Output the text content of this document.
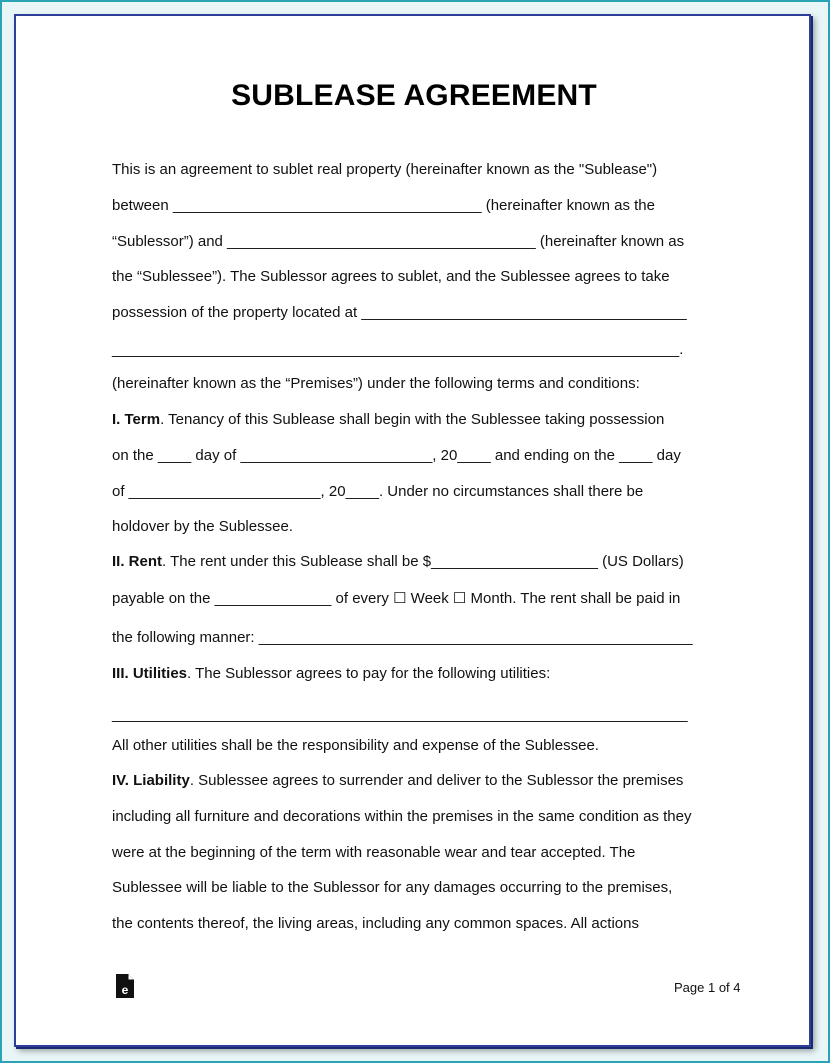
SUBLEASE AGREEMENT
This is an agreement to sublet real property (hereinafter known as the "Sublease")
between _____________________________________ (hereinafter known as the
“Sublessor”) and _____________________________________ (hereinafter known as
the “Sublessee”). The Sublessor agrees to sublet, and the Sublessee agrees to take
possession of the property located at _______________________________________
____________________________________________________________________.
(hereinafter known as the “Premises”) under the following terms and conditions:
I. Term. Tenancy of this Sublease shall begin with the Sublessee taking possession
on the ____ day of _______________________, 20____ and ending on the ____ day
of _______________________, 20____. Under no circumstances shall there be
holdover by the Sublessee.
II. Rent. The rent under this Sublease shall be $____________________ (US Dollars)
payable on the ______________ of every ☐ Week ☐ Month. The rent shall be paid in
the following manner: ____________________________________________________
III. Utilities. The Sublessor agrees to pay for the following utilities:
_____________________________________________________________________
All other utilities shall be the responsibility and expense of the Sublessee.
IV. Liability. Sublessee agrees to surrender and deliver to the Sublessor the premises
including all furniture and decorations within the premises in the same condition as they
were at the beginning of the term with reasonable wear and tear accepted. The
Sublessee will be liable to the Sublessor for any damages occurring to the premises,
the contents thereof, the living areas, including any common spaces. All actions
e	Page 1 of 4
